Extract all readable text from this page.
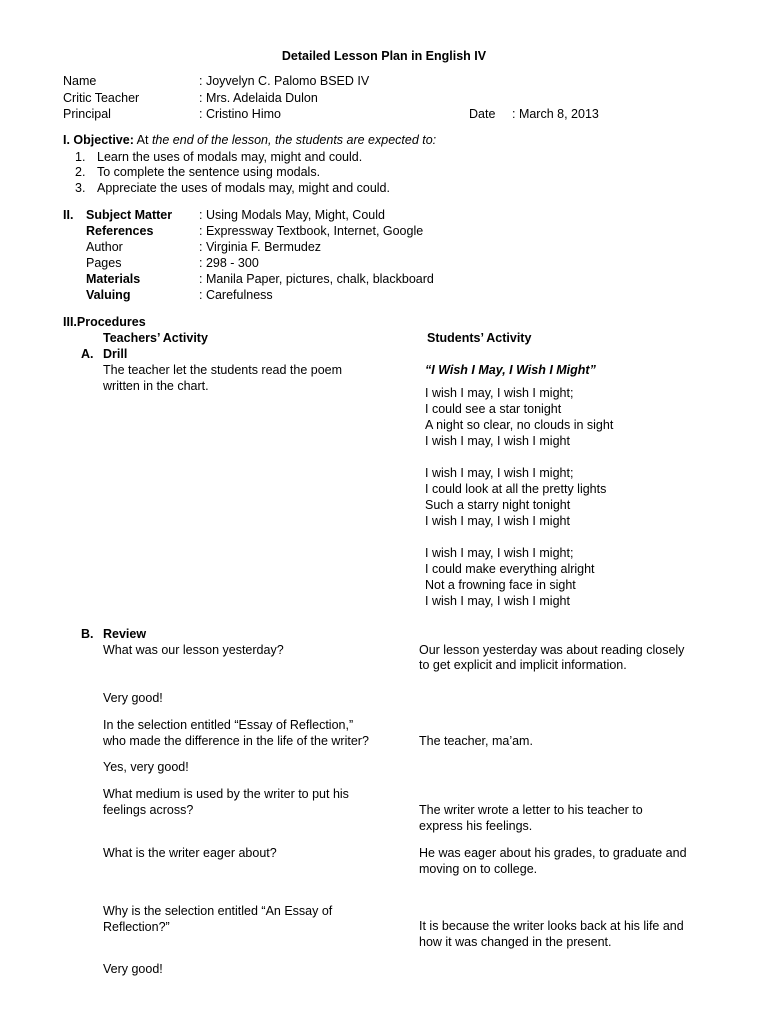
Detailed Lesson Plan in English IV
Name	: Joyvelyn C. Palomo BSED IV
Critic Teacher	: Mrs. Adelaida Dulon
Principal	: Cristino Himo	Date : March 8, 2013
I. Objective: At the end of the lesson, the students are expected to:
1. Learn the uses of modals may, might and could.
2. To complete the sentence using modals.
3. Appreciate the uses of modals may, might and could.
II. Subject Matter : Using Modals May, Might, Could
References	: Expressway Textbook, Internet, Google
Author	: Virginia F. Bermudez
Pages	: 298 - 300
Materials	: Manila Paper, pictures, chalk, blackboard
Valuing	: Carefulness
III.Procedures
Teachers’ Activity	Students’ Activity
A. Drill
The teacher let the students read the poem
written in the chart.
“I Wish I May, I Wish I Might”
I wish I may, I wish I might;
I could see a star tonight
A night so clear, no clouds in sight
I wish I may, I wish I might
I wish I may, I wish I might;
I could look at all the pretty lights
Such a starry night tonight
I wish I may, I wish I might
I wish I may, I wish I might;
I could make everything alright
Not a frowning face in sight
I wish I may, I wish I might
B. Review
What was our lesson yesterday?	Our lesson yesterday was about reading closely
to get explicit and implicit information.
Very good!
In the selection entitled “Essay of Reflection,”
who made the difference in the life of the writer?	The teacher, ma’am.
Yes, very good!
What medium is used by the writer to put his
feelings across?	The writer wrote a letter to his teacher to
express his feelings.
What is the writer eager about?	He was eager about his grades, to graduate and
moving on to college.
Why is the selection entitled “An Essay of
Reflection?”	It is because the writer looks back at his life and
how it was changed in the present.
Very good!
